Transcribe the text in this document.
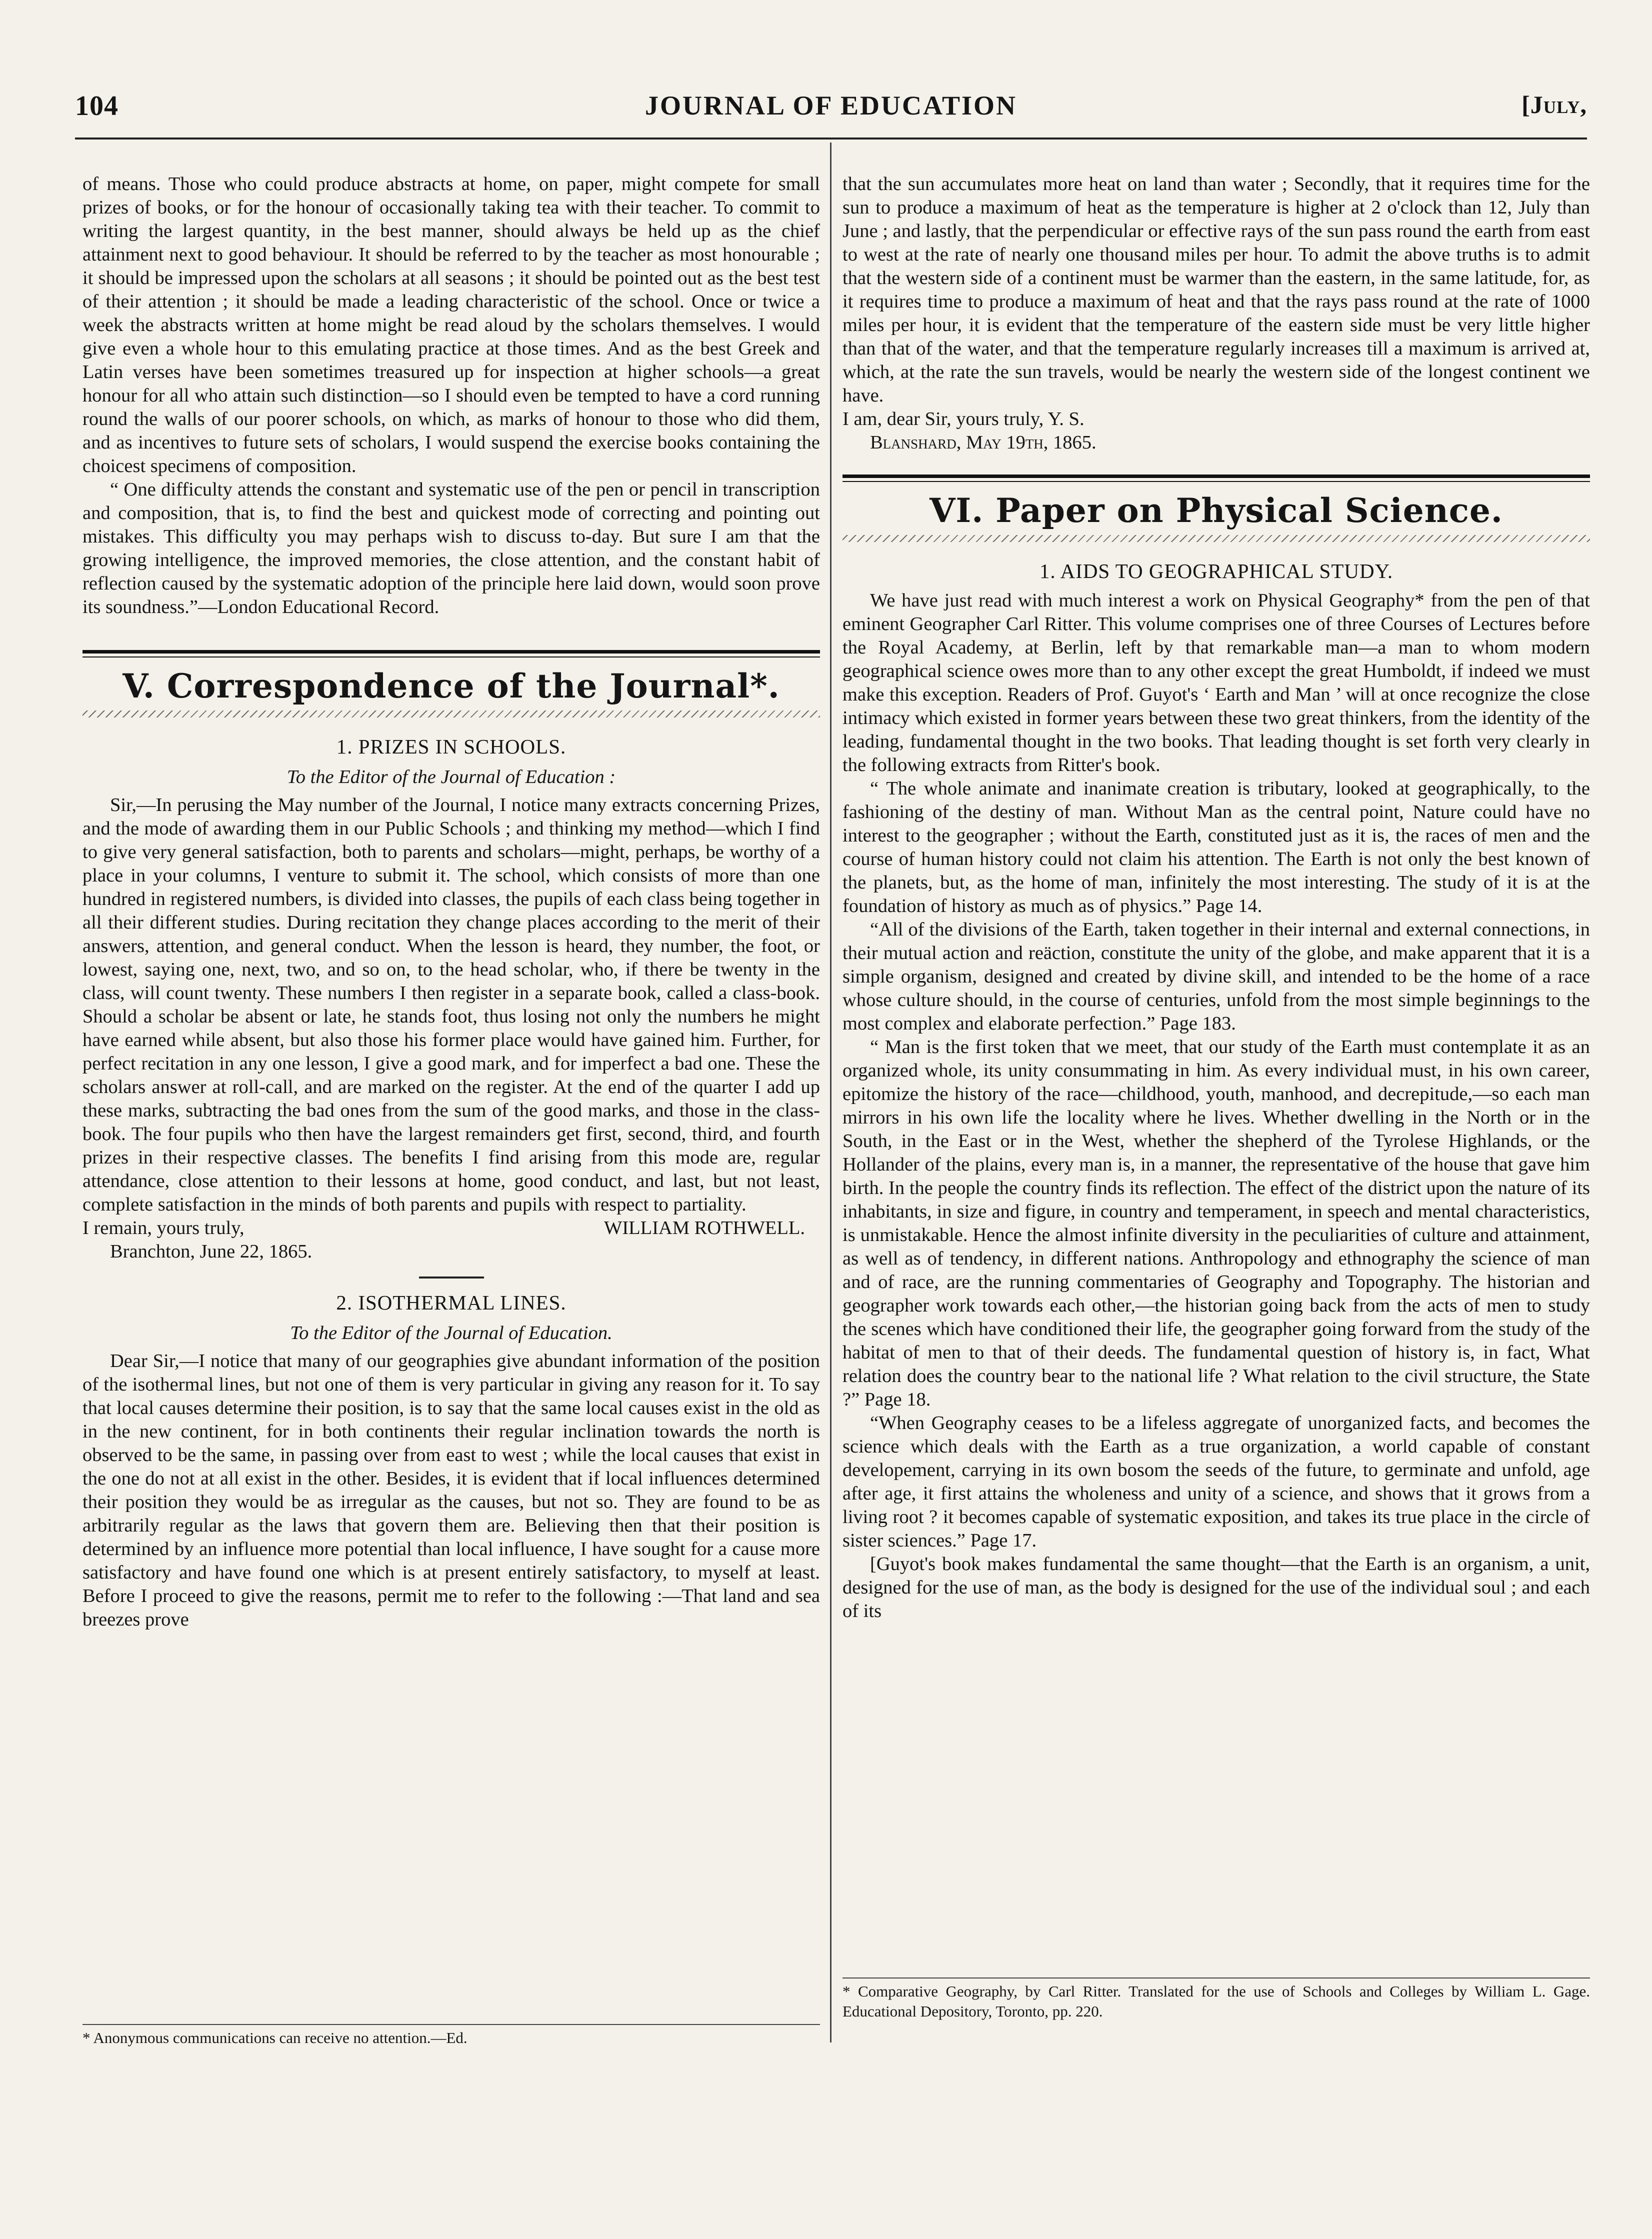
104	JOURNAL OF EDUCATION	[July,

of means. Those who could produce abstracts at home, on paper, might compete for small prizes of books, or for the honour of occasionally taking tea with their teacher. To commit to writing the largest quantity, in the best manner, should always be held up as the chief attainment next to good behaviour. It should be referred to by the teacher as most honourable ; it should be impressed upon the scholars at all seasons ; it should be pointed out as the best test of their attention ; it should be made a leading characteristic of the school. Once or twice a week the abstracts written at home might be read aloud by the scholars themselves. I would give even a whole hour to this emulating practice at those times. And as the best Greek and Latin verses have been sometimes treasured up for inspection at higher schools—a great honour for all who attain such distinction—so I should even be tempted to have a cord running round the walls of our poorer schools, on which, as marks of honour to those who did them, and as incentives to future sets of scholars, I would suspend the exercise books containing the choicest specimens of composition.

“ One difficulty attends the constant and systematic use of the pen or pencil in transcription and composition, that is, to find the best and quickest mode of correcting and pointing out mistakes. This difficulty you may perhaps wish to discuss to-day. But sure I am that the growing intelligence, the improved memories, the close attention, and the constant habit of reflection caused by the systematic adoption of the principle here laid down, would soon prove its soundness.”—London Educational Record.

V. Correspondence of the Journal*.
1. PRIZES IN SCHOOLS.
To the Editor of the Journal of Education :

Sir,—In perusing the May number of the Journal, I notice many extracts concerning Prizes, and the mode of awarding them in our Public Schools ; and thinking my method—which I find to give very general satisfaction, both to parents and scholars—might, perhaps, be worthy of a place in your columns, I venture to submit it. The school, which consists of more than one hundred in registered numbers, is divided into classes, the pupils of each class being together in all their different studies. During recitation they change places according to the merit of their answers, attention, and general conduct. When the lesson is heard, they number, the foot, or lowest, saying one, next, two, and so on, to the head scholar, who, if there be twenty in the class, will count twenty. These numbers I then register in a separate book, called a class-book. Should a scholar be absent or late, he stands foot, thus losing not only the numbers he might have earned while absent, but also those his former place would have gained him. Further, for perfect recitation in any one lesson, I give a good mark, and for imperfect a bad one. These the scholars answer at roll-call, and are marked on the register. At the end of the quarter I add up these marks, subtracting the bad ones from the sum of the good marks, and those in the class-book. The four pupils who then have the largest remainders get first, second, third, and fourth prizes in their respective classes. The benefits I find arising from this mode are, regular attendance, close attention to their lessons at home, good conduct, and last, but not least, complete satisfaction in the minds of both parents and pupils with respect to partiality.

I remain, yours truly,	WILLIAM ROTHWELL.

Branchton, June 22, 1865.

2. ISOTHERMAL LINES.
To the Editor of the Journal of Education.

Dear Sir,—I notice that many of our geographies give abundant information of the position of the isothermal lines, but not one of them is very particular in giving any reason for it. To say that local causes determine their position, is to say that the same local causes exist in the old as in the new continent, for in both continents their regular inclination towards the north is observed to be the same, in passing over from east to west ; while the local causes that exist in the one do not at all exist in the other. Besides, it is evident that if local influences determined their position they would be as irregular as the causes, but not so. They are found to be as arbitrarily regular as the laws that govern them are. Believing then that their position is determined by an influence more potential than local influence, I have sought for a cause more satisfactory and have found one which is at present entirely satisfactory, to myself at least. Before I proceed to give the reasons, permit me to refer to the following :—That land and sea breezes prove

* Anonymous communications can receive no attention.—Ed.

that the sun accumulates more heat on land than water ; Secondly, that it requires time for the sun to produce a maximum of heat as the temperature is higher at 2 o'clock than 12, July than June ; and lastly, that the perpendicular or effective rays of the sun pass round the earth from east to west at the rate of nearly one thousand miles per hour. To admit the above truths is to admit that the western side of a continent must be warmer than the eastern, in the same latitude, for, as it requires time to produce a maximum of heat and that the rays pass round at the rate of 1000 miles per hour, it is evident that the temperature of the eastern side must be very little higher than that of the water, and that the temperature regularly increases till a maximum is arrived at, which, at the rate the sun travels, would be nearly the western side of the longest continent we have.

I am, dear Sir, yours truly, Y. S.

Blanshard, May 19th, 1865.

VI. Paper on Physical Science.
1. AIDS TO GEOGRAPHICAL STUDY.

We have just read with much interest a work on Physical Geography* from the pen of that eminent Geographer Carl Ritter. This volume comprises one of three Courses of Lectures before the Royal Academy, at Berlin, left by that remarkable man—a man to whom modern geographical science owes more than to any other except the great Humboldt, if indeed we must make this exception. Readers of Prof. Guyot's ‘ Earth and Man ’ will at once recognize the close intimacy which existed in former years between these two great thinkers, from the identity of the leading, fundamental thought in the two books. That leading thought is set forth very clearly in the following extracts from Ritter's book.

“ The whole animate and inanimate creation is tributary, looked at geographically, to the fashioning of the destiny of man. Without Man as the central point, Nature could have no interest to the geographer ; without the Earth, constituted just as it is, the races of men and the course of human history could not claim his attention. The Earth is not only the best known of the planets, but, as the home of man, infinitely the most interesting. The study of it is at the foundation of history as much as of physics.” Page 14.

“All of the divisions of the Earth, taken together in their internal and external connections, in their mutual action and reäction, constitute the unity of the globe, and make apparent that it is a simple organism, designed and created by divine skill, and intended to be the home of a race whose culture should, in the course of centuries, unfold from the most simple beginnings to the most complex and elaborate perfection.” Page 183.

“ Man is the first token that we meet, that our study of the Earth must contemplate it as an organized whole, its unity consummating in him. As every individual must, in his own career, epitomize the history of the race—childhood, youth, manhood, and decrepitude,—so each man mirrors in his own life the locality where he lives. Whether dwelling in the North or in the South, in the East or in the West, whether the shepherd of the Tyrolese Highlands, or the Hollander of the plains, every man is, in a manner, the representative of the house that gave him birth. In the people the country finds its reflection. The effect of the district upon the nature of its inhabitants, in size and figure, in country and temperament, in speech and mental characteristics, is unmistakable. Hence the almost infinite diversity in the peculiarities of culture and attainment, as well as of tendency, in different nations. Anthropology and ethnography the science of man and of race, are the running commentaries of Geography and Topography. The historian and geographer work towards each other,—the historian going back from the acts of men to study the scenes which have conditioned their life, the geographer going forward from the study of the habitat of men to that of their deeds. The fundamental question of history is, in fact, What relation does the country bear to the national life ? What relation to the civil structure, the State ?” Page 18.

“When Geography ceases to be a lifeless aggregate of unorganized facts, and becomes the science which deals with the Earth as a true organization, a world capable of constant developement, carrying in its own bosom the seeds of the future, to germinate and unfold, age after age, it first attains the wholeness and unity of a science, and shows that it grows from a living root ? it becomes capable of systematic exposition, and takes its true place in the circle of sister sciences.” Page 17.

[Guyot's book makes fundamental the same thought—that the Earth is an organism, a unit, designed for the use of man, as the body is designed for the use of the individual soul ; and each of its

* Comparative Geography, by Carl Ritter. Translated for the use of Schools and Colleges by William L. Gage. Educational Depository, Toronto, pp. 220.
